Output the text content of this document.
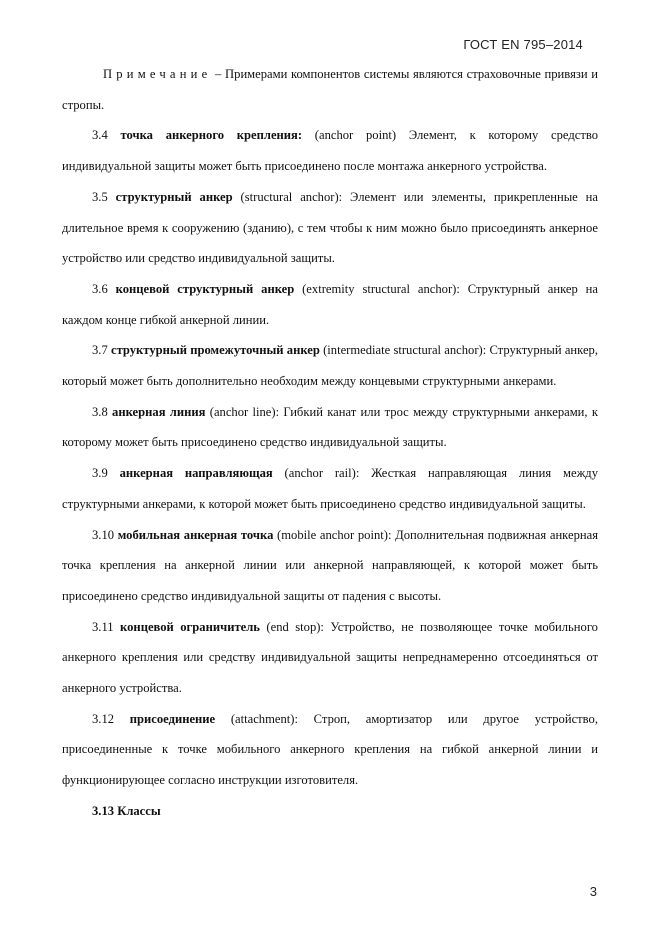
ГОСТ EN 795–2014

Примечание – Примерами компонентов системы являются страховочные привязи и стропы.

3.4 точка анкерного крепления: (anchor point) Элемент, к которому средство индивидуальной защиты может быть присоединено после монтажа анкерного устройства.

3.5 структурный анкер (structural anchor): Элемент или элементы, прикрепленные на длительное время к сооружению (зданию), с тем чтобы к ним можно было присоединять анкерное устройство или средство индивидуальной защиты.

3.6 концевой структурный анкер (extremity structural anchor): Структурный анкер на каждом конце гибкой анкерной линии.

3.7 структурный промежуточный анкер (intermediate structural anchor): Структурный анкер, который может быть дополнительно необходим между концевыми структурными анкерами.

3.8 анкерная линия (anchor line): Гибкий канат или трос между структурными анкерами, к которому может быть присоединено средство индивидуальной защиты.

3.9 анкерная направляющая (anchor rail): Жесткая направляющая линия между структурными анкерами, к которой может быть присоединено средство индивидуальной защиты.

3.10 мобильная анкерная точка (mobile anchor point): Дополнительная подвижная анкерная точка крепления на анкерной линии или анкерной направляющей, к которой может быть присоединено средство индивидуальной защиты от падения с высоты.

3.11 концевой ограничитель (end stop): Устройство, не позволяющее точке мобильного анкерного крепления или средству индивидуальной защиты непреднамеренно отсоединяться от анкерного устройства.

3.12 присоединение (attachment): Строп, амортизатор или другое устройство, присоединенные к точке мобильного анкерного крепления на гибкой анкерной линии и функционирующее согласно инструкции изготовителя.

3.13 Классы

3
